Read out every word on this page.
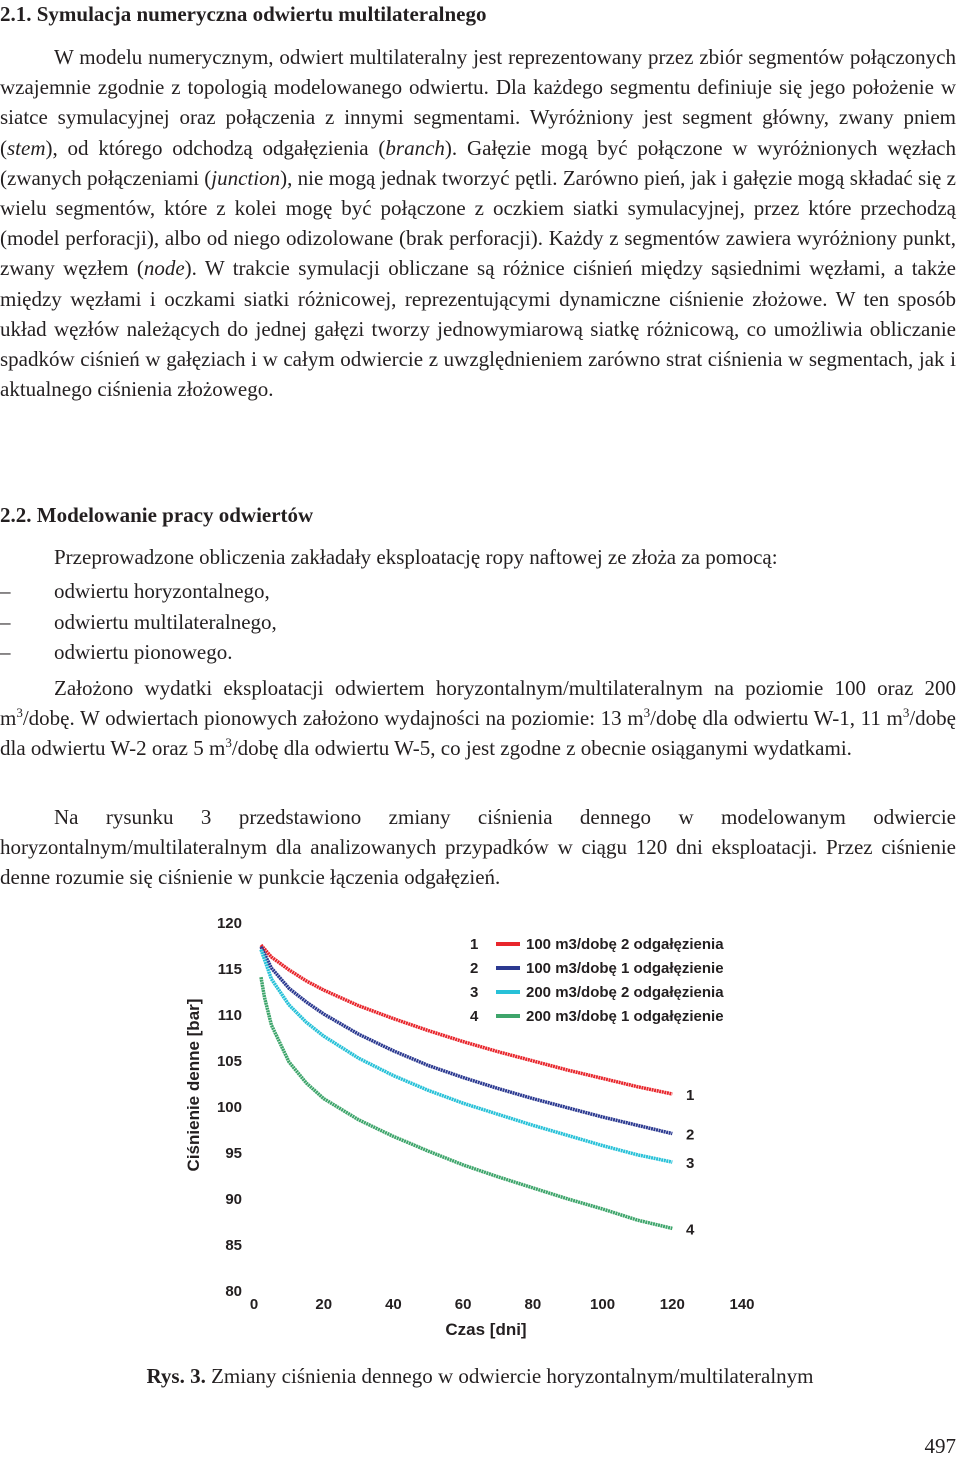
2.1. Symulacja numeryczna odwiertu multilateralnego

W modelu numerycznym, odwiert multilateralny jest reprezentowany przez zbiór segmentów połączonych wzajemnie zgodnie z topologią modelowanego odwiertu. Dla każdego segmentu definiuje się jego położenie w siatce symulacyjnej oraz połączenia z innymi segmentami. Wyróżniony jest segment główny, zwany pniem (stem), od którego odchodzą odgałęzienia (branch). Gałęzie mogą być połączone w wyróżnionych węzłach (zwanych połączeniami (junction), nie mogą jednak tworzyć pętli. Zarówno pień, jak i gałęzie mogą składać się z wielu segmentów, które z kolei mogę być połączone z oczkiem siatki symulacyjnej, przez które przechodzą (model perforacji), albo od niego odizolowane (brak perforacji). Każdy z segmentów zawiera wyróżniony punkt, zwany węzłem (node). W trakcie symulacji obliczane są różnice ciśnień między sąsiednimi węzłami, a także między węzłami i oczkami siatki różnicowej, reprezentującymi dynamiczne ciśnienie złożowe. W ten sposób układ węzłów należących do jednej gałęzi tworzy jednowymiarową siatkę różnicową, co umożliwia obliczanie spadków ciśnień w gałęziach i w całym odwiercie z uwzględnieniem zarówno strat ciśnienia w segmentach, jak i aktualnego ciśnienia złożowego.

2.2. Modelowanie pracy odwiertów

Przeprowadzone obliczenia zakładały eksploatację ropy naftowej ze złoża za pomocą:

– odwiertu horyzontalnego,
– odwiertu multilateralnego,
– odwiertu pionowego.

Założono wydatki eksploatacji odwiertem horyzontalnym/multilateralnym na poziomie 100 oraz 200 $m^3$/dobę. W odwiertach pionowych założono wydajności na poziomie: 13 $m^3$/dobę dla odwiertu W-1, 11 $m^3$/dobę dla odwiertu W-2 oraz 5 $m^3$/dobę dla odwiertu W-5, co jest zgodne z obecnie osiąganymi wydatkami.

Na rysunku 3 przedstawiono zmiany ciśnienia dennego w modelowanym odwiercie horyzontalnym/multilateralnym dla analizowanych przypadków w ciągu 120 dni eksploatacji. Przez ciśnienie denne rozumie się ciśnienie w punkcie łączenia odgałęzień.

80
85
90
95
100
105
110
115
120
0	20	40	60	80	100	120	140
Ciśnienie denne [bar]
Czas [dni]
1
2
3
4
1	100 m3/dobę 2 odgałęzienia
2	100 m3/dobę 1 odgałęzienie
3	200 m3/dobę 2 odgałęzienia
4	200 m3/dobę 1 odgałęzienie
Rys. 3. Zmiany ciśnienia dennego w odwiercie horyzontalnym/multilateralnym
497
